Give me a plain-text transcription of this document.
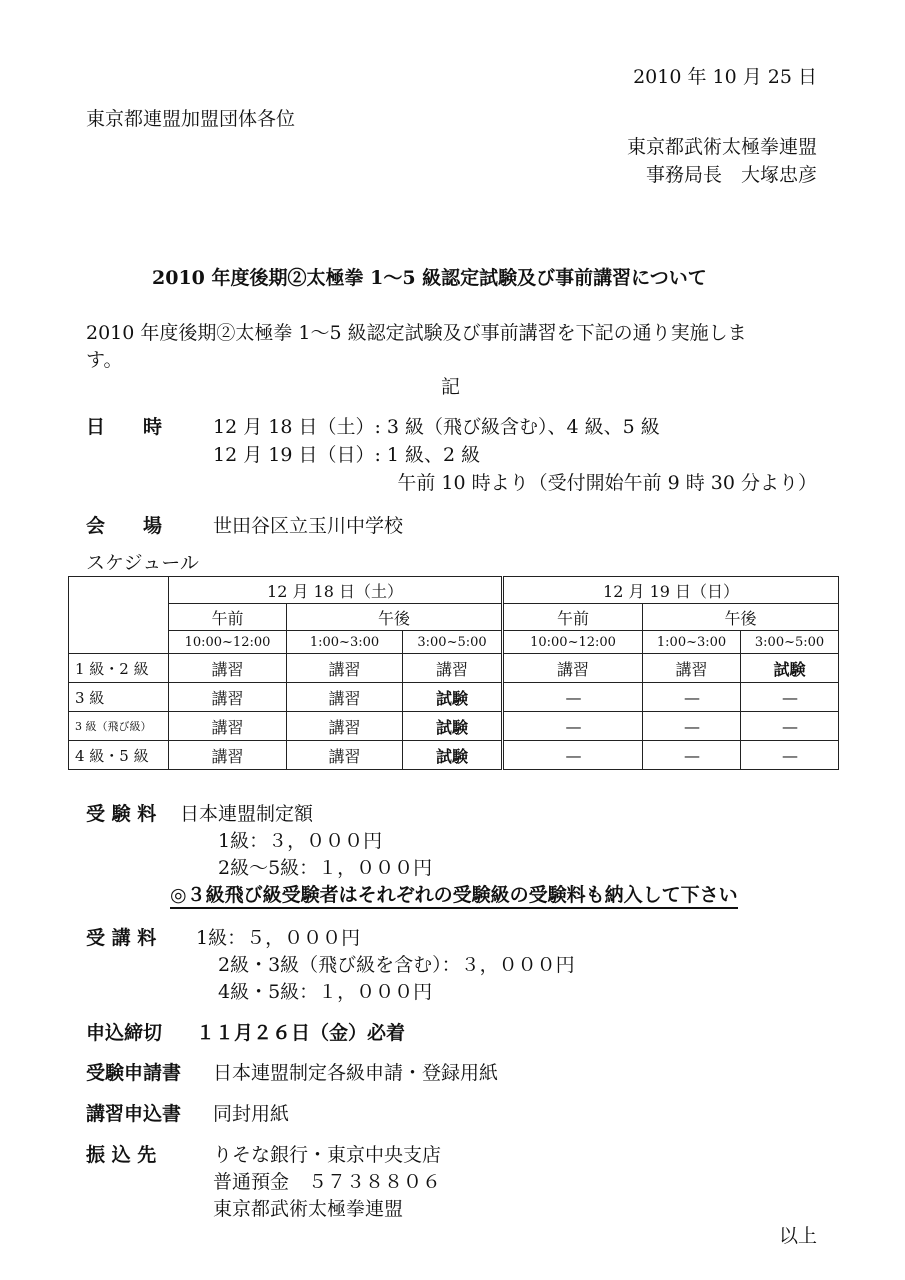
2010 年 10 月 25 日
東京都連盟加盟団体各位
東京都武術太極拳連盟
事務局長　 大塚忠彦
2010 年度後期②太極拳 1～5 級認定試験及び事前講習について
2010 年度後期②太極拳 1～5 級認定試験及び事前講習を下記の通り実施しま
す。
記
日　　時	12 月 18 日（土）: 3 級（飛び級含む）、4 級、5 級
12 月 19 日（日）: 1 級、2 級
午前 10 時より（受付開始午前 9 時 30 分より）
会　　場	世田谷区立玉川中学校
スケジュール
	12 月 18 日（土）			12 月 19 日（日）		
	午前	午後		午前	午後	
	10:00~12:00	1:00~3:00	3:00~5:00	10:00~12:00	1:00~3:00	3:00~5:00
1 級・2 級	講習	講習	講習	講習	講習	試験
3 級	講習	講習	試験	—	—	—
3 級（飛び級）	講習	講習	試験	—	—	—
4 級・5 級	講習	講習	試験	—	—	—
受 験 料 日本連盟制定額
1級：３，０００円
2級～5級：１，０００円
◎３級飛び級受験者はそれぞれの受験級の受験料も納入して下さい
受 講 料 1級：５，０００円
2級・3級（飛び級を含む）：３，０００円
4級・5級：１，０００円
申込締切 １１月２６日（金）必着
受験申請書 日本連盟制定各級申請・登録用紙
講習申込書 同封用紙
振 込 先	りそな銀行・東京中央支店
普通預金　５７３８８０６
東京都武術太極拳連盟
以上
